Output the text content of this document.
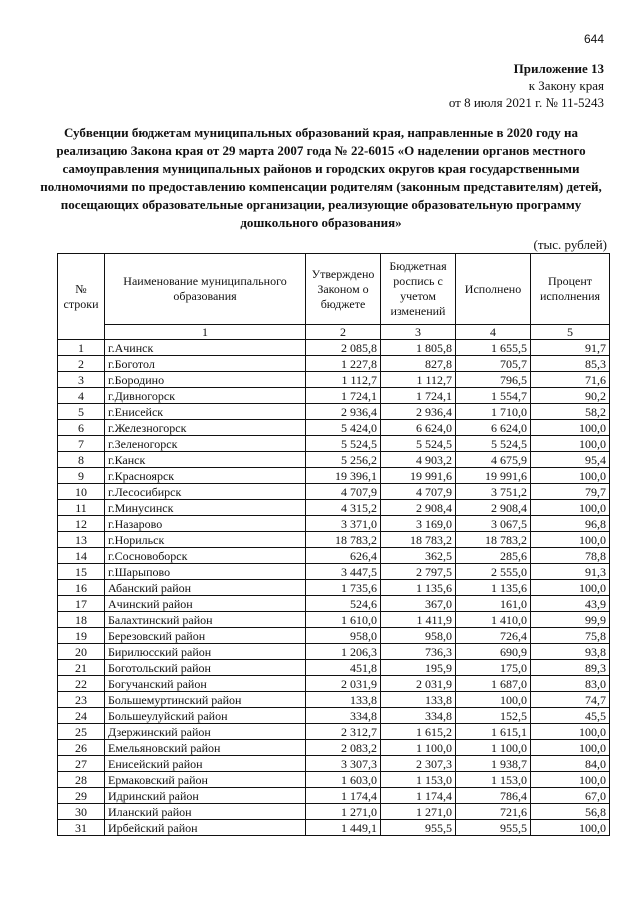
644
Приложение 13
к Закону края
от 8 июля 2021 г. № 11-5243
Субвенции бюджетам муниципальных образований края, направленные в 2020 году на реализацию Закона края от 29 марта 2007 года № 22-6015 «О наделении органов местного самоуправления муниципальных районов и городских округов края государственными полномочиями по предоставлению компенсации родителям (законным представителям) детей, посещающих образовательные организации, реализующие образовательную программу дошкольного образования»
(тыс. рублей)
№ строки	Наименование муниципального образования	Утверждено Законом о бюджете	Бюджетная роспись с учетом изменений	Исполнено	Процент исполнения
	1	2	3	4	5
1	г.Ачинск	2 085,8	1 805,8	1 655,5	91,7
2	г.Боготол	1 227,8	827,8	705,7	85,3
3	г.Бородино	1 112,7	1 112,7	796,5	71,6
4	г.Дивногорск	1 724,1	1 724,1	1 554,7	90,2
5	г.Енисейск	2 936,4	2 936,4	1 710,0	58,2
6	г.Железногорск	5 424,0	6 624,0	6 624,0	100,0
7	г.Зеленогорск	5 524,5	5 524,5	5 524,5	100,0
8	г.Канск	5 256,2	4 903,2	4 675,9	95,4
9	г.Красноярск	19 396,1	19 991,6	19 991,6	100,0
10	г.Лесосибирск	4 707,9	4 707,9	3 751,2	79,7
11	г.Минусинск	4 315,2	2 908,4	2 908,4	100,0
12	г.Назарово	3 371,0	3 169,0	3 067,5	96,8
13	г.Норильск	18 783,2	18 783,2	18 783,2	100,0
14	г.Сосновоборск	626,4	362,5	285,6	78,8
15	г.Шарыпово	3 447,5	2 797,5	2 555,0	91,3
16	Абанский район	1 735,6	1 135,6	1 135,6	100,0
17	Ачинский район	524,6	367,0	161,0	43,9
18	Балахтинский район	1 610,0	1 411,9	1 410,0	99,9
19	Березовский район	958,0	958,0	726,4	75,8
20	Бирилюсский район	1 206,3	736,3	690,9	93,8
21	Боготольский район	451,8	195,9	175,0	89,3
22	Богучанский район	2 031,9	2 031,9	1 687,0	83,0
23	Большемуртинский район	133,8	133,8	100,0	74,7
24	Большеулуйский район	334,8	334,8	152,5	45,5
25	Дзержинский район	2 312,7	1 615,2	1 615,1	100,0
26	Емельяновский район	2 083,2	1 100,0	1 100,0	100,0
27	Енисейский район	3 307,3	2 307,3	1 938,7	84,0
28	Ермаковский район	1 603,0	1 153,0	1 153,0	100,0
29	Идринский район	1 174,4	1 174,4	786,4	67,0
30	Иланский район	1 271,0	1 271,0	721,6	56,8
31	Ирбейский район	1 449,1	955,5	955,5	100,0
